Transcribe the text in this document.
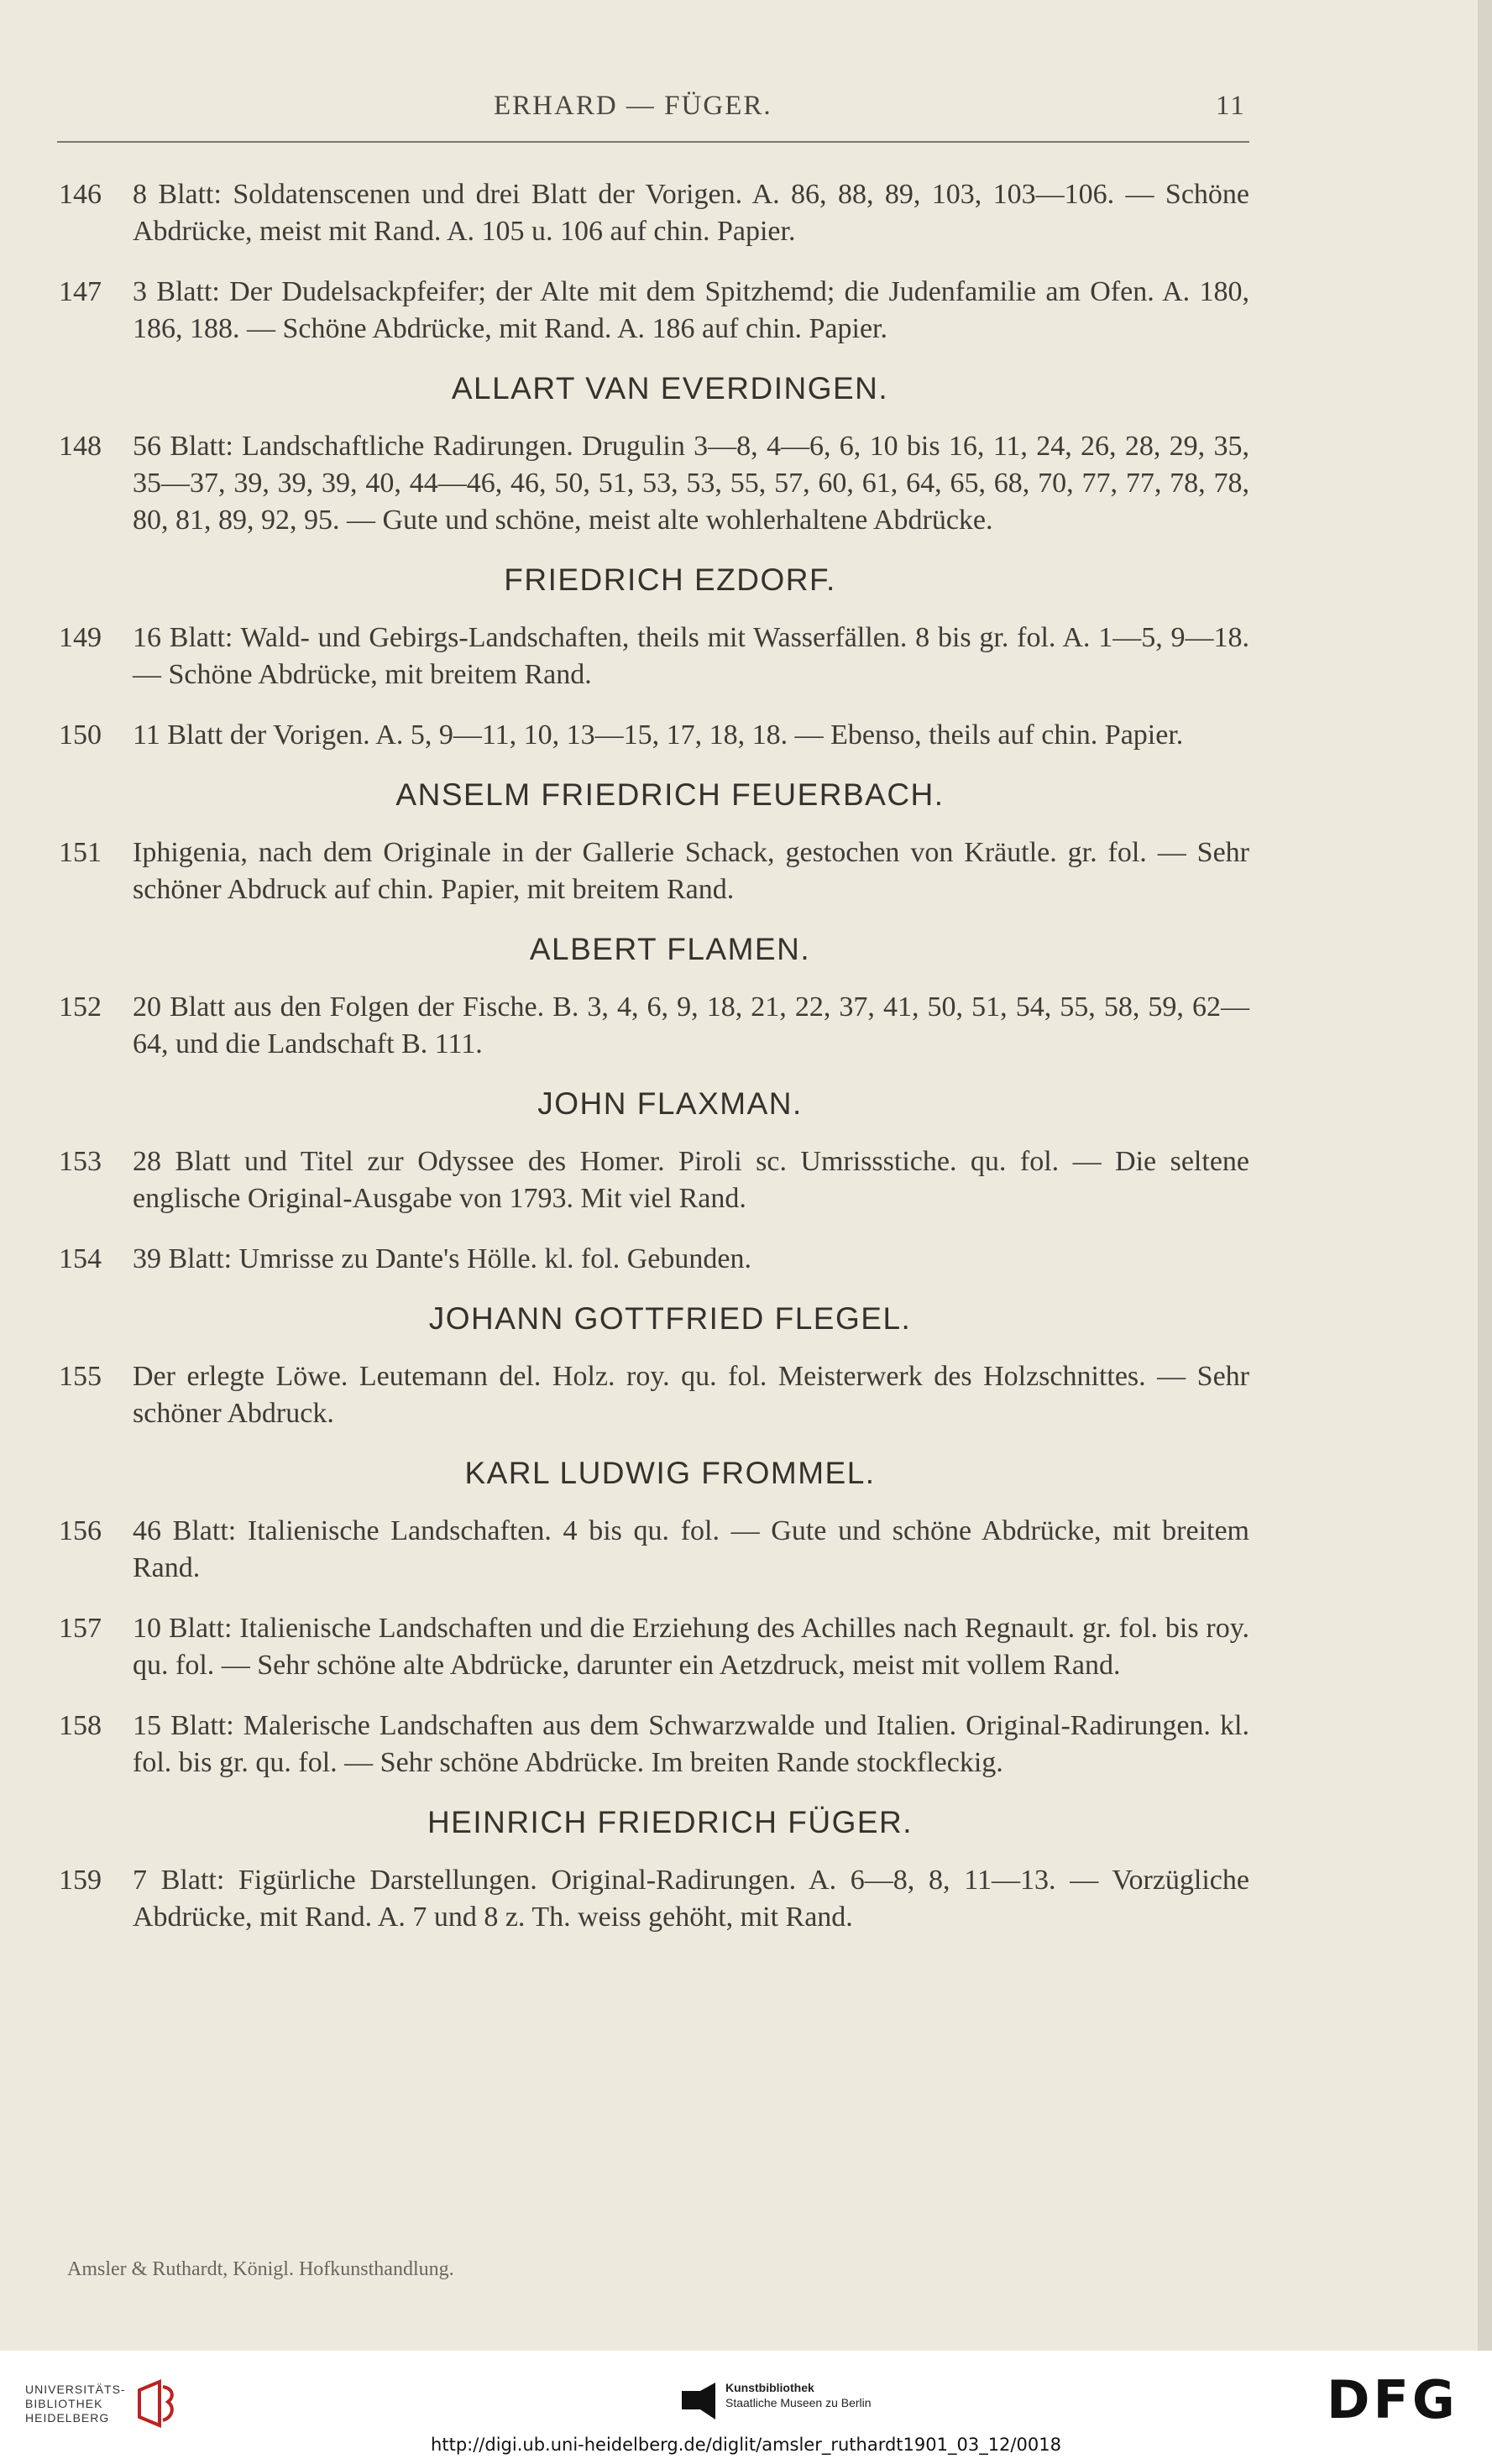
ERHARD — FÜGER.	11
146	8 Blatt: Soldatenscenen und drei Blatt der Vorigen. A. 86, 88, 89, 103, 103—106. — Schöne Abdrücke, meist mit Rand. A. 105 u. 106 auf chin. Papier.
147	3 Blatt: Der Dudelsackpfeifer; der Alte mit dem Spitzhemd; die Judenfamilie am Ofen. A. 180, 186, 188. — Schöne Abdrücke, mit Rand. A. 186 auf chin. Papier.
ALLART VAN EVERDINGEN.
148	56 Blatt: Landschaftliche Radirungen. Drugulin 3—8, 4—6, 6, 10 bis 16, 11, 24, 26, 28, 29, 35, 35—37, 39, 39, 39, 40, 44—46, 46, 50, 51, 53, 53, 55, 57, 60, 61, 64, 65, 68, 70, 77, 77, 78, 78, 80, 81, 89, 92, 95. — Gute und schöne, meist alte wohlerhaltene Abdrücke.
FRIEDRICH EZDORF.
149	16 Blatt: Wald- und Gebirgs-Landschaften, theils mit Wasserfällen. 8 bis gr. fol. A. 1—5, 9—18. — Schöne Abdrücke, mit breitem Rand.
150	11 Blatt der Vorigen. A. 5, 9—11, 10, 13—15, 17, 18, 18. — Ebenso, theils auf chin. Papier.
ANSELM FRIEDRICH FEUERBACH.
151	Iphigenia, nach dem Originale in der Gallerie Schack, gestochen von Kräutle. gr. fol. — Sehr schöner Abdruck auf chin. Papier, mit breitem Rand.
ALBERT FLAMEN.
152	20 Blatt aus den Folgen der Fische. B. 3, 4, 6, 9, 18, 21, 22, 37, 41, 50, 51, 54, 55, 58, 59, 62—64, und die Landschaft B. 111.
JOHN FLAXMAN.
153	28 Blatt und Titel zur Odyssee des Homer. Piroli sc. Umrissstiche. qu. fol. — Die seltene englische Original-Ausgabe von 1793. Mit viel Rand.
154	39 Blatt: Umrisse zu Dante's Hölle. kl. fol. Gebunden.
JOHANN GOTTFRIED FLEGEL.
155	Der erlegte Löwe. Leutemann del. Holz. roy. qu. fol. Meisterwerk des Holzschnittes. — Sehr schöner Abdruck.
KARL LUDWIG FROMMEL.
156	46 Blatt: Italienische Landschaften. 4 bis qu. fol. — Gute und schöne Abdrücke, mit breitem Rand.
157	10 Blatt: Italienische Landschaften und die Erziehung des Achilles nach Regnault. gr. fol. bis roy. qu. fol. — Sehr schöne alte Abdrücke, darunter ein Aetzdruck, meist mit vollem Rand.
158	15 Blatt: Malerische Landschaften aus dem Schwarzwalde und Italien. Original-Radirungen. kl. fol. bis gr. qu. fol. — Sehr schöne Abdrücke. Im breiten Rande stockfleckig.
HEINRICH FRIEDRICH FÜGER.
159	7 Blatt: Figürliche Darstellungen. Original-Radirungen. A. 6—8, 8, 11—13. — Vorzügliche Abdrücke, mit Rand. A. 7 und 8 z. Th. weiss gehöht, mit Rand.
Amsler & Ruthardt, Königl. Hofkunsthandlung.
UNIVERSITÄTS-
BIBLIOTHEK
HEIDELBERG
Kunstbibliothek
Staatliche Museen zu Berlin	DFG
http://digi.ub.uni-heidelberg.de/diglit/amsler_ruthardt1901_03_12/0018
